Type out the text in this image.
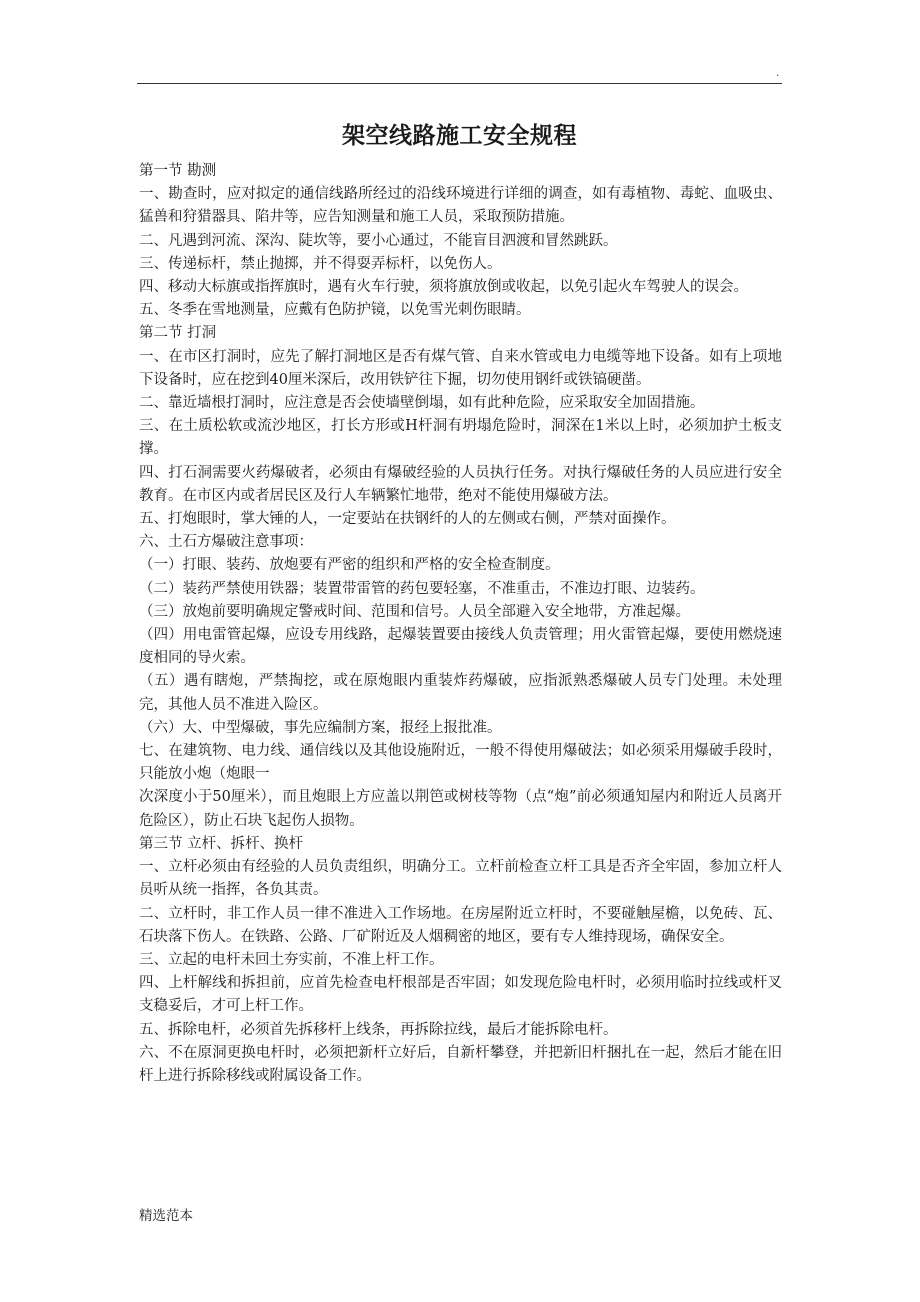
.
架空线路施工安全规程

第一节 勘测

一、勘查时，应对拟定的通信线路所经过的沿线环境进行详细的调查，如有毒植物、毒蛇、血吸虫、猛兽和狩猎器具、陷井等，应告知测量和施工人员，采取预防措施。

二、凡遇到河流、深沟、陡坎等，要小心通过，不能盲目泗渡和冒然跳跃。

三、传递标杆，禁止抛掷，并不得耍弄标杆，以免伤人。

四、移动大标旗或指挥旗时，遇有火车行驶，须将旗放倒或收起，以免引起火车驾驶人的误会。

五、冬季在雪地测量，应戴有色防护镜，以免雪光刺伤眼睛。

第二节 打洞

一、在市区打洞时，应先了解打洞地区是否有煤气管、自来水管或电力电缆等地下设备。如有上项地下设备时，应在挖到40厘米深后，改用铁铲往下掘，切勿使用钢纤或铁镐硬凿。

二、靠近墙根打洞时，应注意是否会使墙壁倒塌，如有此种危险，应采取安全加固措施。

三、在土质松软或流沙地区，打长方形或H杆洞有坍塌危险时，洞深在1米以上时，必须加护土板支撑。

四、打石洞需要火药爆破者，必须由有爆破经验的人员执行任务。对执行爆破任务的人员应进行安全教育。在市区内或者居民区及行人车辆繁忙地带，绝对不能使用爆破方法。

五、打炮眼时，掌大锤的人，一定要站在扶钢纤的人的左侧或右侧，严禁对面操作。

六、土石方爆破注意事项：

（一）打眼、装药、放炮要有严密的组织和严格的安全检查制度。

（二）装药严禁使用铁器；装置带雷管的药包要轻塞，不准重击，不准边打眼、边装药。

（三）放炮前要明确规定警戒时间、范围和信号。人员全部避入安全地带，方准起爆。

（四）用电雷管起爆，应设专用线路，起爆装置要由接线人负责管理；用火雷管起爆，要使用燃烧速度相同的导火索。

（五）遇有瞎炮，严禁掏挖，或在原炮眼内重装炸药爆破，应指派熟悉爆破人员专门处理。未处理完，其他人员不准进入险区。

（六）大、中型爆破，事先应编制方案，报经上报批准。

七、在建筑物、电力线、通信线以及其他设施附近，一般不得使用爆破法；如必须采用爆破手段时，只能放小炮（炮眼一

次深度小于50厘米），而且炮眼上方应盖以荆笆或树枝等物（点“炮”前必须通知屋内和附近人员离开危险区），防止石块飞起伤人损物。

第三节 立杆、拆杆、换杆

一、立杆必须由有经验的人员负责组织，明确分工。立杆前检查立杆工具是否齐全牢固，参加立杆人员听从统一指挥，各负其责。

二、立杆时，非工作人员一律不准进入工作场地。在房屋附近立杆时，不要碰触屋檐，以免砖、瓦、石块落下伤人。在铁路、公路、厂矿附近及人烟稠密的地区，要有专人维持现场，确保安全。

三、立起的电杆未回土夯实前，不准上杆工作。

四、上杆解线和拆担前，应首先检查电杆根部是否牢固；如发现危险电杆时，必须用临时拉线或杆叉支稳妥后，才可上杆工作。

五、拆除电杆，必须首先拆移杆上线条，再拆除拉线，最后才能拆除电杆。

六、不在原洞更换电杆时，必须把新杆立好后，自新杆攀登，并把新旧杆捆扎在一起，然后才能在旧杆上进行拆除移线或附属设备工作。

精选范本
